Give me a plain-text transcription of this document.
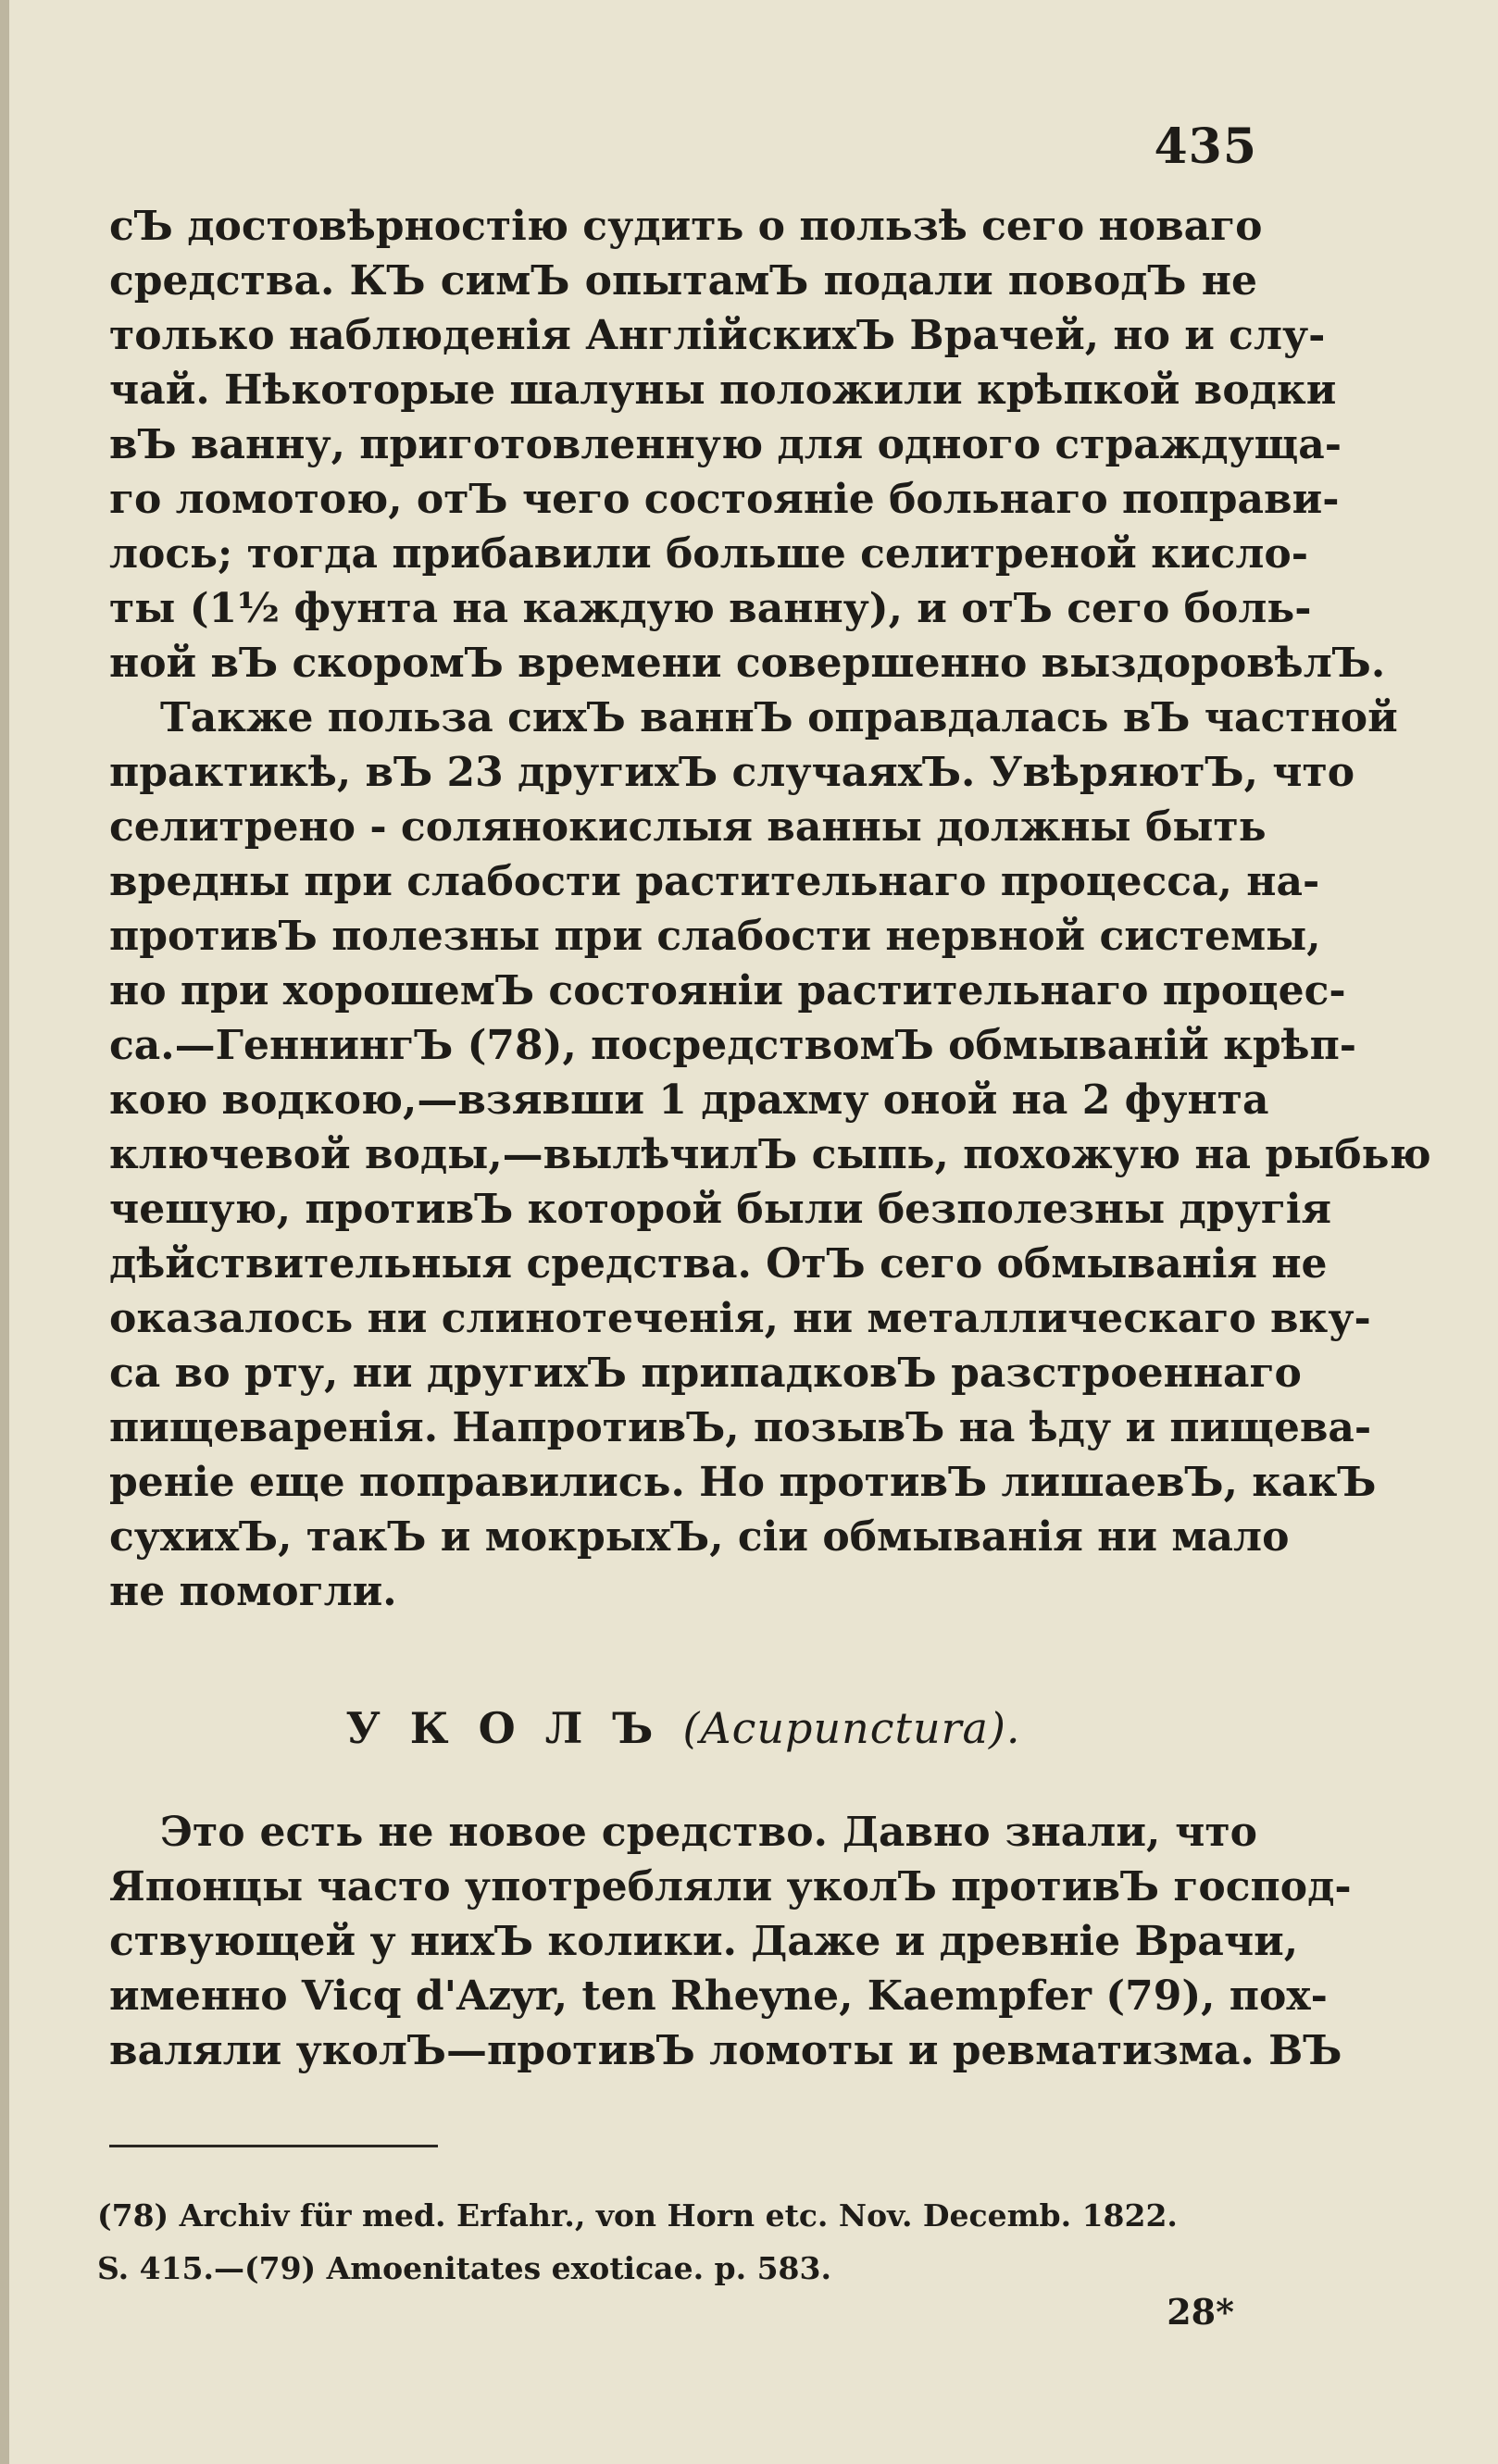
435
сЪ достовѣрностію судить о пользѣ сего новаго
средства. КЪ симЪ опытамЪ подали поводЪ не
только наблюденія АнглійскихЪ Врачей, но и слу-
чай. Нѣкоторые шалуны положили крѣпкой водки
вЪ ванну, приготовленную для одного страждуща-
го ломотою, отЪ чего состояніе больнаго поправи-
лось; тогда прибавили больше селитреной кисло-
ты (1½ фунта на каждую ванну), и отЪ сего боль-
ной вЪ скоромЪ времени совершенно выздоровѣлЪ.
Также польза сихЪ ваннЪ оправдалась вЪ частной
практикѣ, вЪ 23 другихЪ случаяхЪ. УвѣряютЪ, что
селитрено - солянокислыя ванны должны быть
вредны при слабости растительнаго процесса, на-
противЪ полезны при слабости нервной системы,
но при хорошемЪ состояніи растительнаго процес-
са.—ГеннингЪ (78), посредствомЪ обмываній крѣп-
кою водкою,—взявши 1 драхму оной на 2 фунта
ключевой воды,—вылѣчилЪ сыпь, похожую на рыбью
чешую, противЪ которой были безполезны другія
дѣйствительныя средства. ОтЪ сего обмыванія не
оказалось ни слинотеченія, ни металлическаго вку-
са во рту, ни другихЪ припадковЪ разстроеннаго
пищеваренія. НапротивЪ, позывЪ на ѣду и пищева-
реніе еще поправились. Но противЪ лишаевЪ, какЪ
сухихЪ, такЪ и мокрыхЪ, сіи обмыванія ни мало
не помогли.
У К О Л Ъ (Acupunctura).
Это есть не новое средство. Давно знали, что
Японцы часто употребляли уколЪ противЪ господ-
ствующей у нихЪ колики. Даже и древніе Врачи,
именно Vicq d'Azyr, ten Rheyne, Kaempfer (79), пох-
валяли уколЪ—противЪ ломоты и ревматизма. ВЪ
(78) Archiv für med. Erfahr., von Horn etc. Nov. Decemb. 1822.
S. 415.—(79) Amoenitates exoticae. p. 583.
28*
